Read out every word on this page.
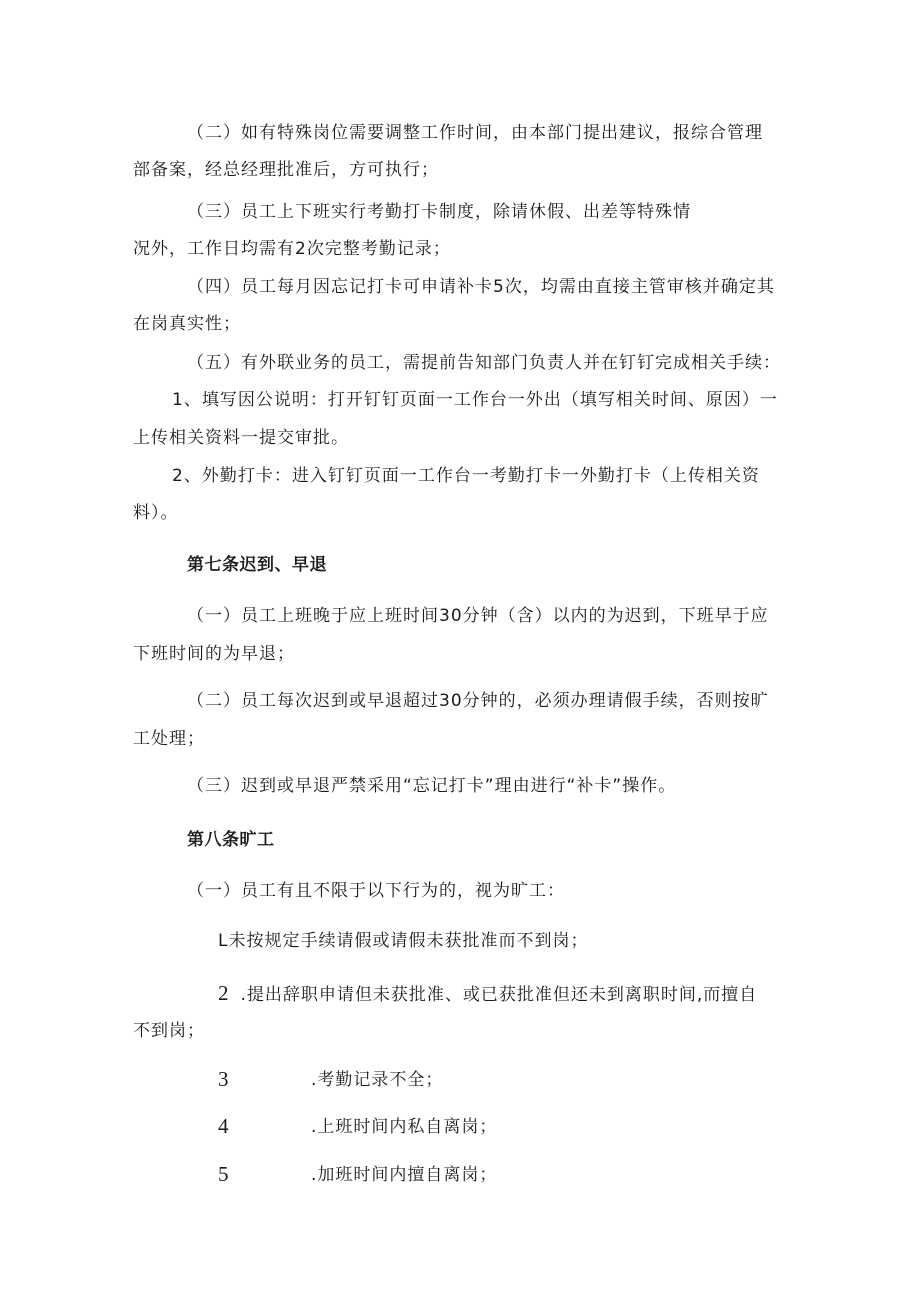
（二）如有特殊岗位需要调整工作时间，由本部门提出建议，报综合管理
部备案，经总经理批准后，方可执行；
（三）员工上下班实行考勤打卡制度，除请休假、出差等特殊情
况外，工作日均需有2次完整考勤记录；
（四）员工每月因忘记打卡可申请补卡5次，均需由直接主管审核并确定其
在岗真实性；
（五）有外联业务的员工，需提前告知部门负责人并在钉钉完成相关手续：
1、填写因公说明：打开钉钉页面一工作台一外出（填写相关时间、原因）一
上传相关资料一提交审批。
2、外勤打卡：进入钉钉页面一工作台一考勤打卡一外勤打卡（上传相关资
料）。
第七条迟到、早退
（一）员工上班晚于应上班时间30分钟（含）以内的为迟到，下班早于应
下班时间的为早退；
（二）员工每次迟到或早退超过30分钟的，必须办理请假手续，否则按旷
工处理；
（三）迟到或早退严禁采用“忘记打卡”理由进行“补卡”操作。
第八条旷工
（一）员工有且不限于以下行为的，视为旷工：
L未按规定手续请假或请假未获批准而不到岗；
2 .提出辞职申请但未获批准、或已获批准但还未到离职时间,而擅自
不到岗；
3	.考勤记录不全；
4	.上班时间内私自离岗；
5	.加班时间内擅自离岗；
